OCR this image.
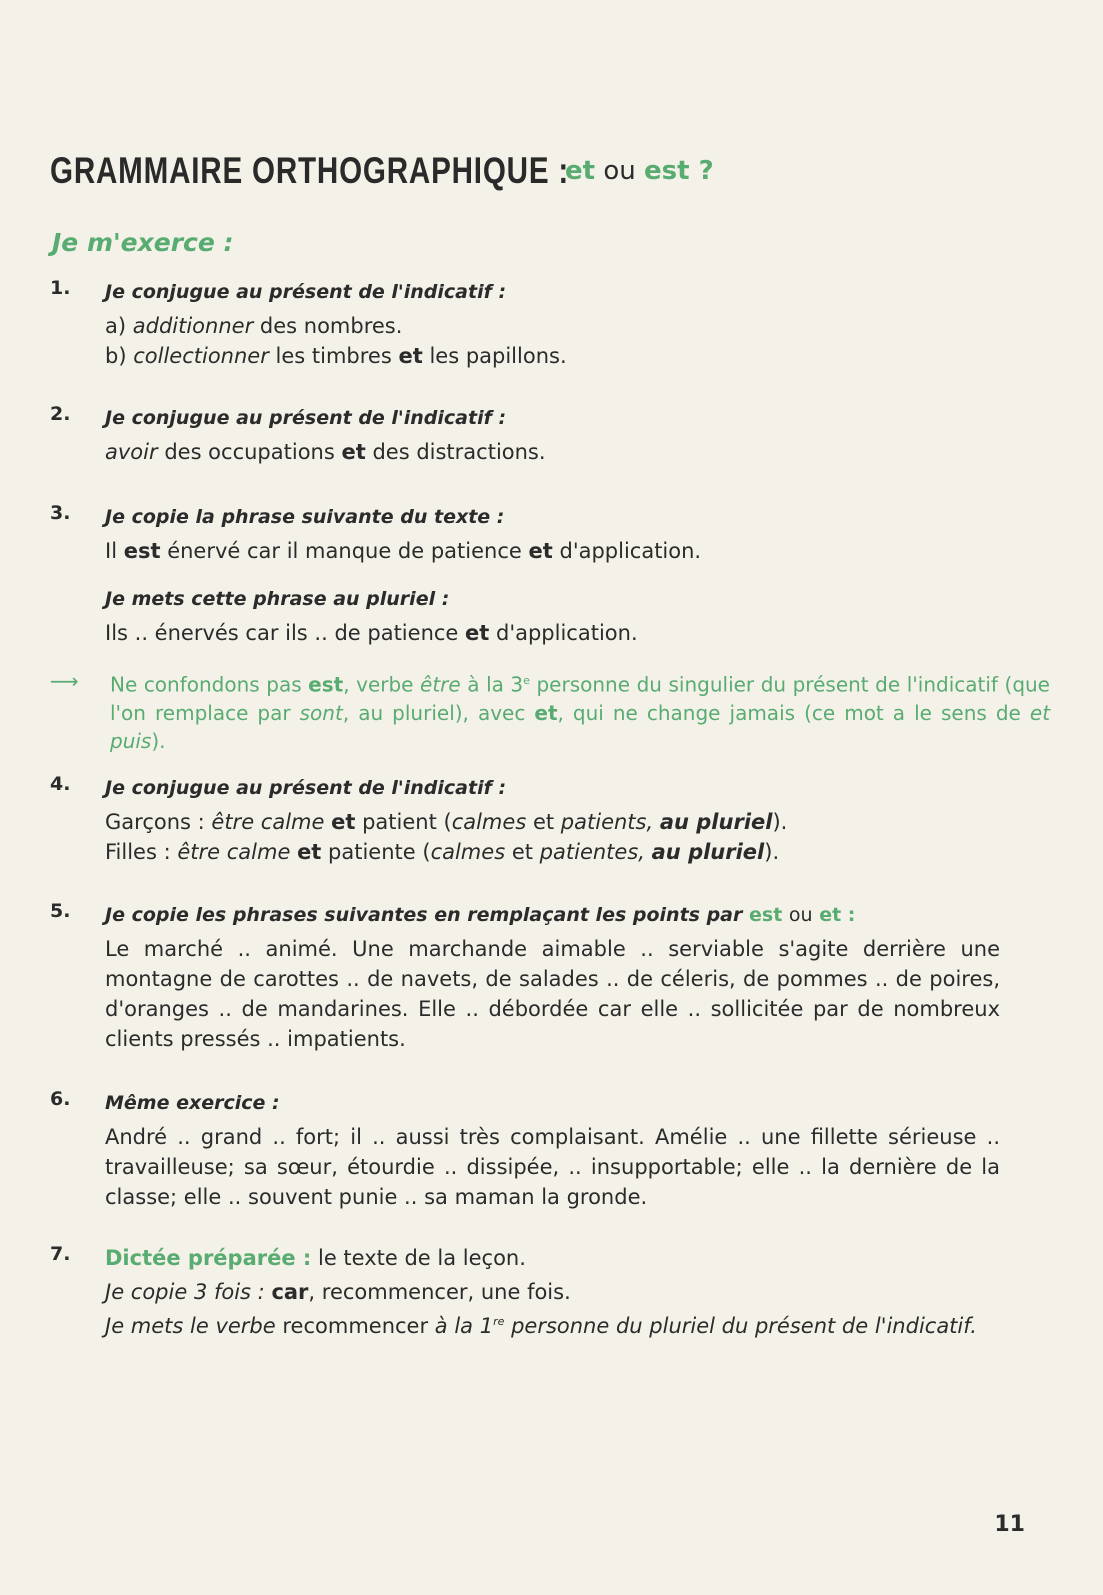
GRAMMAIRE ORTHOGRAPHIQUE :
et ou est ?
Je m'exerce :
1. Je conjugue au présent de l'indicatif :
a) additionner des nombres.
b) collectionner les timbres et les papillons.
2. Je conjugue au présent de l'indicatif :
avoir des occupations et des distractions.
3. Je copie la phrase suivante du texte :
Il est énervé car il manque de patience et d'application.
Je mets cette phrase au pluriel :
Ils .. énervés car ils .. de patience et d'application.
⟶ Ne confondons pas est, verbe être à la 3e personne du singulier du présent de l'indicatif (que l'on remplace par sont, au pluriel), avec et, qui ne change jamais (ce mot a le sens de et puis).
4. Je conjugue au présent de l'indicatif :
Garçons : être calme et patient (calmes et patients, au pluriel).
Filles : être calme et patiente (calmes et patientes, au pluriel).
5. Je copie les phrases suivantes en remplaçant les points par est ou et :
Le marché .. animé. Une marchande aimable .. serviable s'agite derrière une montagne de carottes .. de navets, de salades .. de céleris, de pommes .. de poires, d'oranges .. de mandarines. Elle .. débordée car elle .. sollicitée par de nombreux clients pressés .. impatients.
6. Même exercice :
André .. grand .. fort; il .. aussi très complaisant. Amélie .. une fillette sérieuse .. travailleuse; sa sœur, étourdie .. dissipée, .. insupportable; elle .. la dernière de la classe; elle .. souvent punie .. sa maman la gronde.
7. Dictée préparée : le texte de la leçon.
Je copie 3 fois : car, recommencer, une fois.
Je mets le verbe recommencer à la 1re personne du pluriel du présent de l'indicatif.
11
